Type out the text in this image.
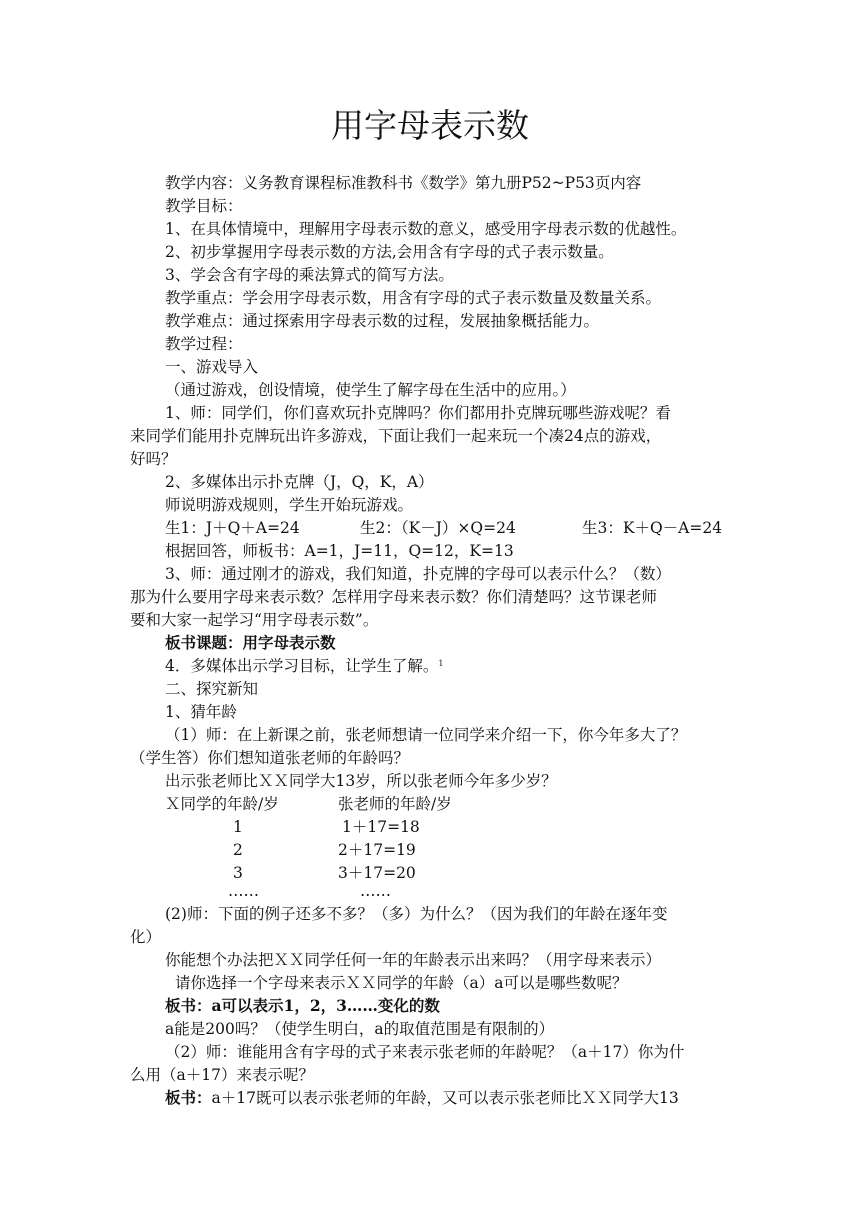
用字母表示数
教学内容：义务教育课程标准教科书《数学》第九册P52~P53页内容
教学目标：
1、在具体情境中，理解用字母表示数的意义，感受用字母表示数的优越性。
2、初步掌握用字母表示数的方法,会用含有字母的式子表示数量。
3、学会含有字母的乘法算式的简写方法。
教学重点：学会用字母表示数，用含有字母的式子表示数量及数量关系。
教学难点：通过探索用字母表示数的过程，发展抽象概括能力。
教学过程：
一、游戏导入
（通过游戏，创设情境，使学生了解字母在生活中的应用。）
1、师：同学们，你们喜欢玩扑克牌吗？你们都用扑克牌玩哪些游戏呢？看
来同学们能用扑克牌玩出许多游戏，下面让我们一起来玩一个凑24点的游戏，
好吗？
2、多媒体出示扑克牌（J，Q，K，A）
师说明游戏规则，学生开始玩游戏。
生1：J＋Q＋A=24	生2：（K－J）×Q=24	生3：K＋Q－A=24
根据回答，师板书：A=1，J=11，Q=12，K=13
3、师：通过刚才的游戏，我们知道，扑克牌的字母可以表示什么？（数）
那为什么要用字母来表示数？怎样用字母来表示数？你们清楚吗？这节课老师
要和大家一起学习“用字母表示数”。
板书课题：用字母表示数
4．多媒体出示学习目标，让学生了解。$^1$
二、探究新知
1、猜年龄
（1）师：在上新课之前，张老师想请一位同学来介绍一下，你今年多大了？
（学生答）你们想知道张老师的年龄吗？
出示张老师比ＸＸ同学大13岁，所以张老师今年多少岁？
Ｘ同学的年龄/岁	张老师的年龄/岁
1	1＋17=18
2	2＋17=19
3	3＋17=20
……	……
(2)师：下面的例子还多不多？（多）为什么？（因为我们的年龄在逐年变
化）
你能想个办法把ＸＸ同学任何一年的年龄表示出来吗？（用字母来表示）
请你选择一个字母来表示ＸＸ同学的年龄（a）a可以是哪些数呢？
板书：a可以表示1，2，3……变化的数
a能是200吗？（使学生明白，a的取值范围是有限制的）
（2）师：谁能用含有字母的式子来表示张老师的年龄呢？（a＋17）你为什
么用（a＋17）来表示呢？
板书：a＋17既可以表示张老师的年龄，又可以表示张老师比ＸＸ同学大13
